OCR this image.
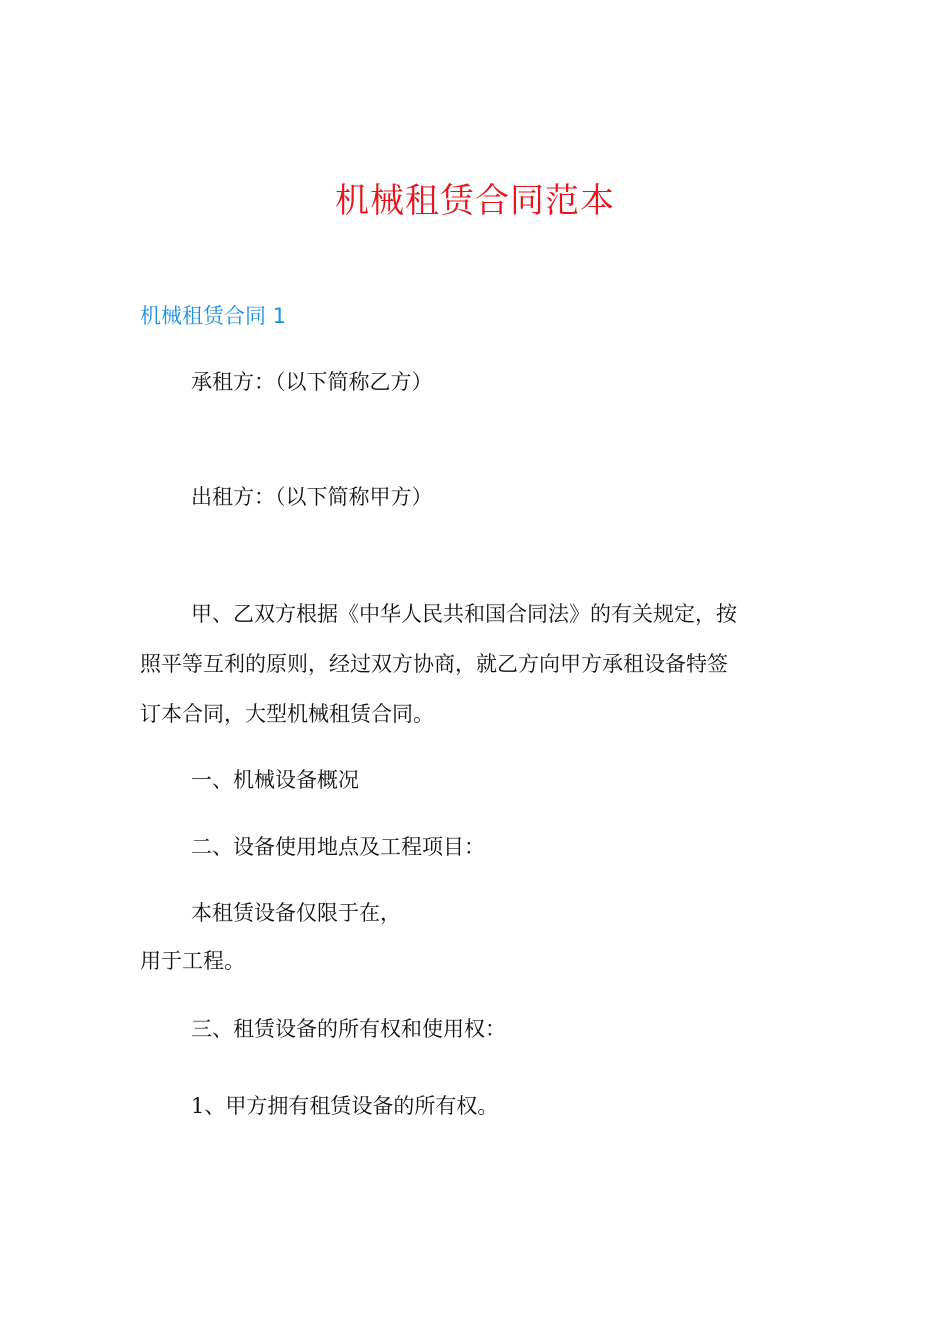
机械租赁合同范本
机械租赁合同 1
承租方：（以下简称乙方）
出租方：（以下简称甲方）
甲、乙双方根据《中华人民共和国合同法》的有关规定，按
照平等互利的原则，经过双方协商，就乙方向甲方承租设备特签
订本合同，大型机械租赁合同。
一、机械设备概况
二、设备使用地点及工程项目：
本租赁设备仅限于在，
用于工程。
三、租赁设备的所有权和使用权：
1、甲方拥有租赁设备的所有权。
